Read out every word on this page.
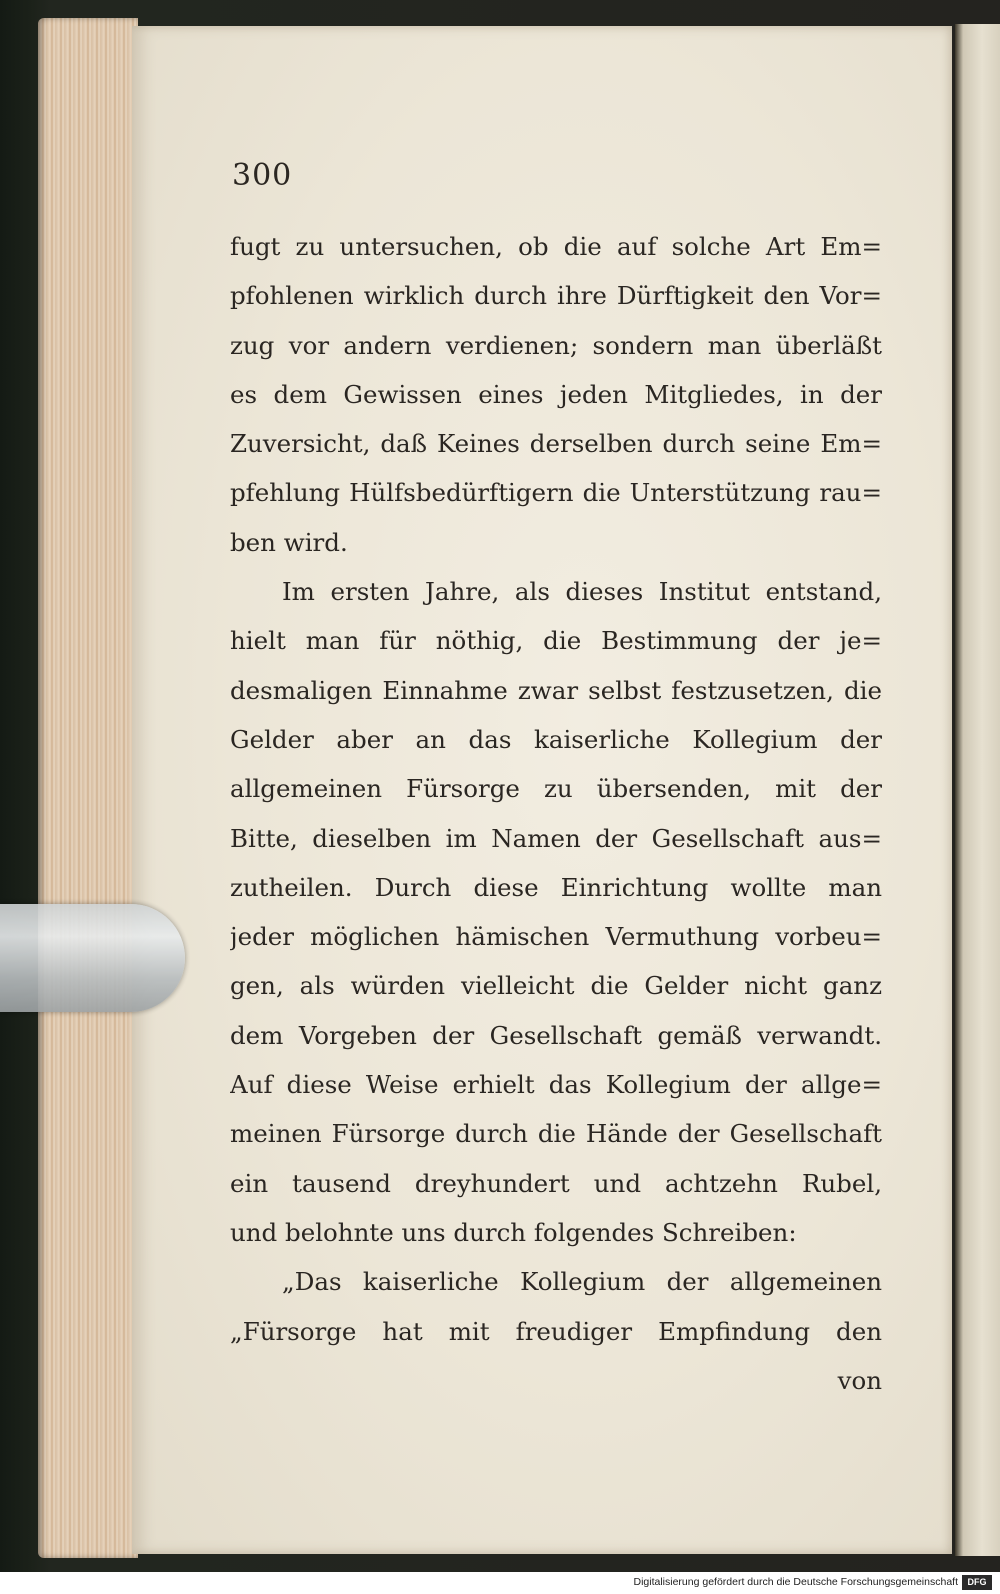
300
fugt zu untersuchen, ob die auf solche Art Em=
pfohlenen wirklich durch ihre Dürftigkeit den Vor=
zug vor andern verdienen; sondern man überläßt
es dem Gewissen eines jeden Mitgliedes, in der
Zuversicht, daß Keines derselben durch seine Em=
pfehlung Hülfsbedürftigern die Unterstützung rau=
ben wird.
Im ersten Jahre, als dieses Institut entstand,
hielt man für nöthig, die Bestimmung der je=
desmaligen Einnahme zwar selbst festzusetzen, die
Gelder aber an das kaiserliche Kollegium der
allgemeinen Fürsorge zu übersenden, mit der
Bitte, dieselben im Namen der Gesellschaft aus=
zutheilen. Durch diese Einrichtung wollte man
jeder möglichen hämischen Vermuthung vorbeu=
gen, als würden vielleicht die Gelder nicht ganz
dem Vorgeben der Gesellschaft gemäß verwandt.
Auf diese Weise erhielt das Kollegium der allge=
meinen Fürsorge durch die Hände der Gesellschaft
ein tausend dreyhundert und achtzehn Rubel,
und belohnte uns durch folgendes Schreiben:
„Das kaiserliche Kollegium der allgemeinen
„Fürsorge hat mit freudiger Empfindung den
von
Digitalisierung gefördert durch die Deutsche Forschungsgemeinschaft	DFG
